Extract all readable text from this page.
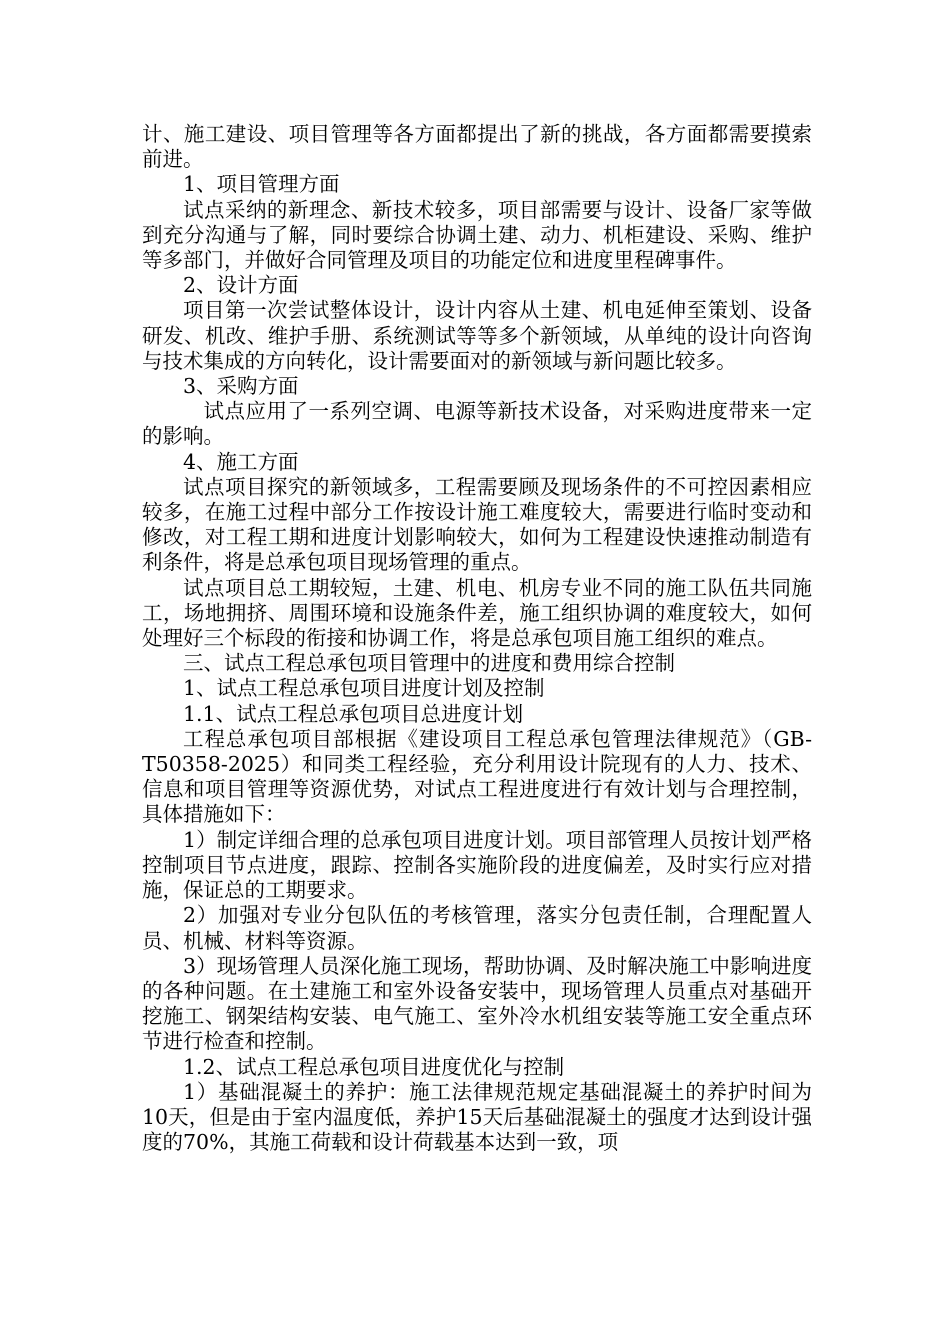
计、施工建设、项目管理等各方面都提出了新的挑战，各方面都需要摸索前进。

1、项目管理方面

试点采纳的新理念、新技术较多，项目部需要与设计、设备厂家等做到充分沟通与了解，同时要综合协调土建、动力、机柜建设、采购、维护等多部门，并做好合同管理及项目的功能定位和进度里程碑事件。

2、设计方面

项目第一次尝试整体设计，设计内容从土建、机电延伸至策划、设备研发、机改、维护手册、系统测试等等多个新领域，从单纯的设计向咨询与技术集成的方向转化，设计需要面对的新领域与新问题比较多。

3、采购方面

试点应用了一系列空调、电源等新技术设备，对采购进度带来一定的影响。

4、施工方面

试点项目探究的新领域多，工程需要顾及现场条件的不可控因素相应较多，在施工过程中部分工作按设计施工难度较大，需要进行临时变动和修改，对工程工期和进度计划影响较大，如何为工程建设快速推动制造有利条件，将是总承包项目现场管理的重点。

试点项目总工期较短，土建、机电、机房专业不同的施工队伍共同施工，场地拥挤、周围环境和设施条件差，施工组织协调的难度较大，如何处理好三个标段的衔接和协调工作，将是总承包项目施工组织的难点。

三、试点工程总承包项目管理中的进度和费用综合控制

1、试点工程总承包项目进度计划及控制

1.1、试点工程总承包项目总进度计划

工程总承包项目部根据《建设项目工程总承包管理法律规范》（GB-T50358-2025）和同类工程经验，充分利用设计院现有的人力、技术、信息和项目管理等资源优势，对试点工程进度进行有效计划与合理控制，具体措施如下：

1）制定详细合理的总承包项目进度计划。项目部管理人员按计划严格控制项目节点进度，跟踪、控制各实施阶段的进度偏差，及时实行应对措施，保证总的工期要求。

2）加强对专业分包队伍的考核管理，落实分包责任制，合理配置人员、机械、材料等资源。

3）现场管理人员深化施工现场，帮助协调、及时解决施工中影响进度的各种问题。在土建施工和室外设备安装中，现场管理人员重点对基础开挖施工、钢架结构安装、电气施工、室外冷水机组安装等施工安全重点环节进行检查和控制。

1.2、试点工程总承包项目进度优化与控制

1）基础混凝土的养护：施工法律规范规定基础混凝土的养护时间为10天，但是由于室内温度低，养护15天后基础混凝土的强度才达到设计强度的70%，其施工荷载和设计荷载基本达到一致，项
